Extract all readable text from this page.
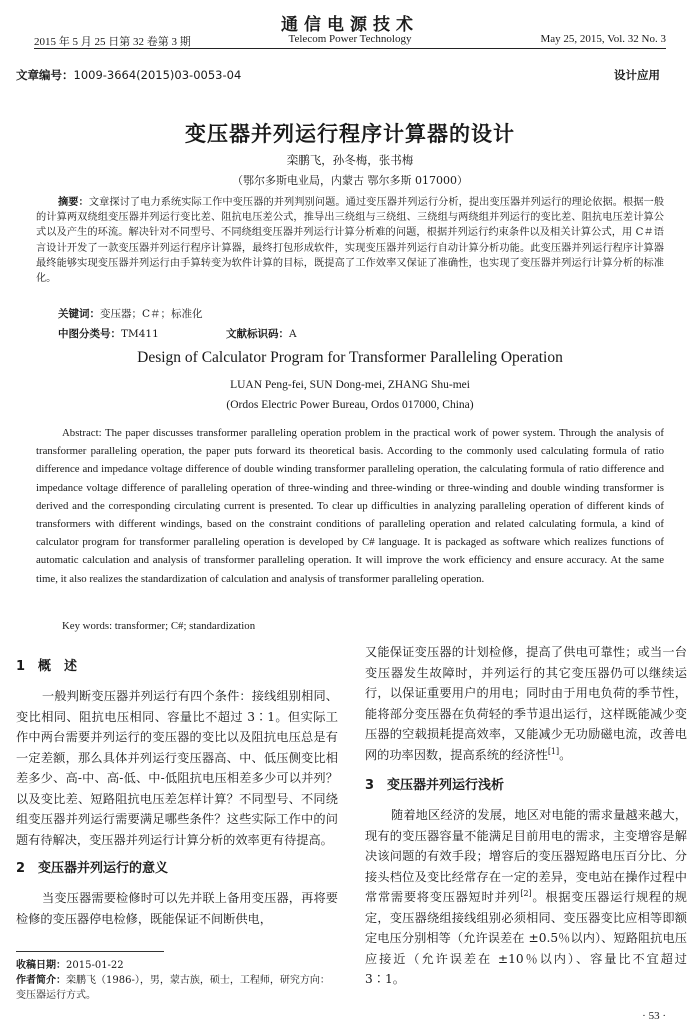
通信电源技术
2015 年 5 月 25 日第 32 卷第 3 期	Telecom Power Technology	May 25, 2015, Vol. 32 No. 3
文章编号：1009-3664(2015)03-0053-04	设计应用
变压器并列运行程序计算器的设计
栾鹏飞，孙冬梅，张书梅
（鄂尔多斯电业局，内蒙古 鄂尔多斯 017000）
摘要：文章探讨了电力系统实际工作中变压器的并列判别问题。通过变压器并列运行分析，提出变压器并列运行的理论依据。根据一般的计算两双绕组变压器并列运行变比差、阻抗电压差公式，推导出三绕组与三绕组、三绕组与两绕组并列运行的变比差、阻抗电压差计算公式以及产生的环流。解决针对不同型号、不同绕组变压器并列运行计算分析难的问题，根据并列运行约束条件以及相关计算公式，用 C＃语言设计开发了一款变压器并列运行程序计算器，最终打包形成软件，实现变压器并列运行自动计算分析功能。此变压器并列运行程序计算器最终能够实现变压器并列运行由手算转变为软件计算的目标，既提高了工作效率又保证了准确性，也实现了变压器并列运行计算分析的标准化。
关键词：变压器；C＃；标准化
中图分类号：TM411	文献标识码：A
Design of Calculator Program for Transformer Paralleling Operation
LUAN Peng-fei, SUN Dong-mei, ZHANG Shu-mei
(Ordos Electric Power Bureau, Ordos 017000, China)
Abstract: The paper discusses transformer paralleling operation problem in the practical work of power system. Through the analysis of transformer paralleling operation, the paper puts forward its theoretical basis. According to the commonly used calculating formula of ratio difference and impedance voltage difference of double winding transformer paralleling operation, the calculating formula of ratio difference and impedance voltage difference of paralleling operation of three-winding and three-winding or three-winding and double winding transformer is derived and the corresponding circulating current is presented. To clear up difficulties in analyzing paralleling operation of different kinds of transformers with different windings, based on the constraint conditions of paralleling operation and related calculating formula, a kind of calculator program for transformer paralleling operation is developed by C# language. It is packaged as software which realizes functions of automatic calculation and analysis of transformer paralleling operation. It will improve the work efficiency and ensure accuracy. At the same time, it also realizes the standardization of calculation and analysis of transformer paralleling operation.
Key words: transformer; C#; standardization
1 概　述
一般判断变压器并列运行有四个条件：接线组别相同、变比相同、阻抗电压相同、容量比不超过 3∶1。但实际工作中两台需要并列运行的变压器的变比以及阻抗电压总是有一定差额，那么具体并列运行变压器高、中、低压侧变比相差多少、高-中、高-低、中-低阻抗电压相差多少可以并列？以及变比差、短路阻抗电压差怎样计算？不同型号、不同绕组变压器并列运行需要满足哪些条件？这些实际工作中的问题有待解决，变压器并列运行计算分析的效率更有待提高。
2 变压器并列运行的意义
当变压器需要检修时可以先并联上备用变压器，再将要检修的变压器停电检修，既能保证不间断供电，
收稿日期：2015-01-22
作者简介：栾鹏飞（1986-），男，蒙古族，硕士，工程师，研究方向：变压器运行方式。
又能保证变压器的计划检修，提高了供电可靠性；或当一台变压器发生故障时，并列运行的其它变压器仍可以继续运行，以保证重要用户的用电；同时由于用电负荷的季节性，能将部分变压器在负荷轻的季节退出运行，这样既能减少变压器的空载损耗提高效率，又能减少无功励磁电流，改善电网的功率因数，提高系统的经济性[1]。
3 变压器并列运行浅析
随着地区经济的发展，地区对电能的需求量越来越大，现有的变压器容量不能满足目前用电的需求，主变增容是解决该问题的有效手段；增容后的变压器短路电压百分比、分接头档位及变比经常存在一定的差异，变电站在操作过程中常常需要将变压器短时并列[2]。根据变压器运行规程的规定，变压器绕组接线组别必须相同、变压器变比应相等即额定电压分别相等（允许误差在 ±0.5％以内）、短路阻抗电压应接近（允许误差在 ±10％以内）、容量比不宜超过 3∶1。
· 53 ·
